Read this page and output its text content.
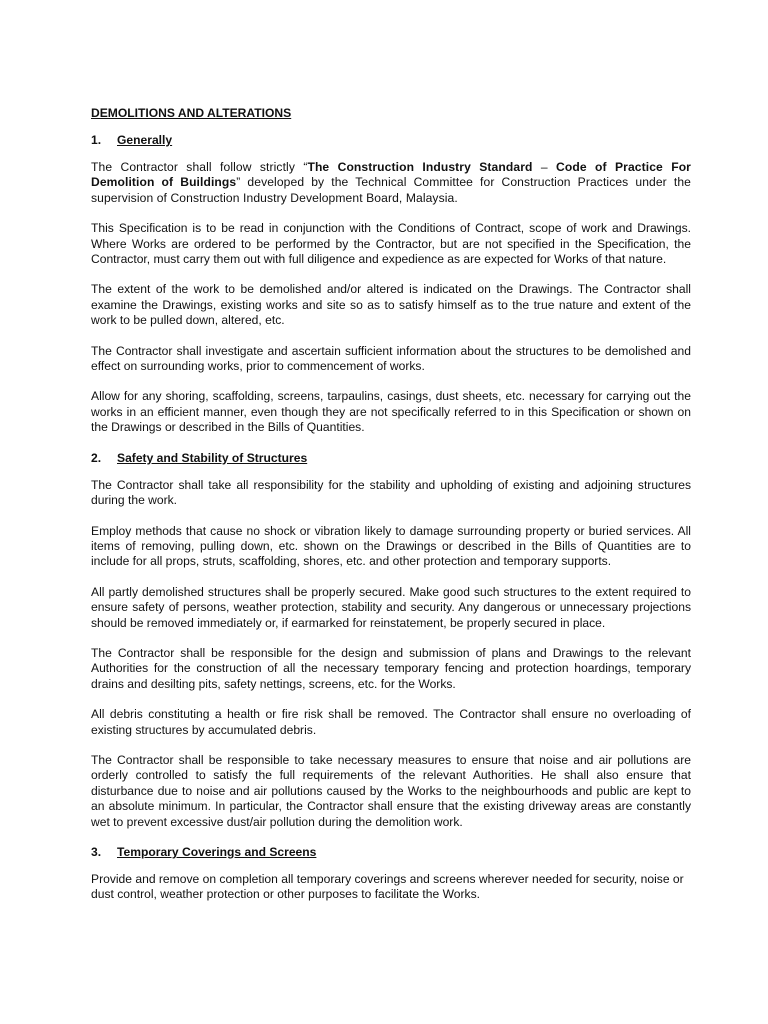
DEMOLITIONS AND ALTERATIONS
1.	Generally

The Contractor shall follow strictly “The Construction Industry Standard – Code of Practice For Demolition of Buildings” developed by the Technical Committee for Construction Practices under the supervision of Construction Industry Development Board, Malaysia.

This Specification is to be read in conjunction with the Conditions of Contract, scope of work and Drawings. Where Works are ordered to be performed by the Contractor, but are not specified in the Specification, the Contractor, must carry them out with full diligence and expedience as are expected for Works of that nature.

The extent of the work to be demolished and/or altered is indicated on the Drawings. The Contractor shall examine the Drawings, existing works and site so as to satisfy himself as to the true nature and extent of the work to be pulled down, altered, etc.

The Contractor shall investigate and ascertain sufficient information about the structures to be demolished and effect on surrounding works, prior to commencement of works.

Allow for any shoring, scaffolding, screens, tarpaulins, casings, dust sheets, etc. necessary for carrying out the works in an efficient manner, even though they are not specifically referred to in this Specification or shown on the Drawings or described in the Bills of Quantities.

2.	Safety and Stability of Structures

The Contractor shall take all responsibility for the stability and upholding of existing and adjoining structures during the work.

Employ methods that cause no shock or vibration likely to damage surrounding property or buried services. All items of removing, pulling down, etc. shown on the Drawings or described in the Bills of Quantities are to include for all props, struts, scaffolding, shores, etc. and other protection and temporary supports.

All partly demolished structures shall be properly secured. Make good such structures to the extent required to ensure safety of persons, weather protection, stability and security. Any dangerous or unnecessary projections should be removed immediately or, if earmarked for reinstatement, be properly secured in place.

The Contractor shall be responsible for the design and submission of plans and Drawings to the relevant Authorities for the construction of all the necessary temporary fencing and protection hoardings, temporary drains and desilting pits, safety nettings, screens, etc. for the Works.

All debris constituting a health or fire risk shall be removed. The Contractor shall ensure no overloading of existing structures by accumulated debris.

The Contractor shall be responsible to take necessary measures to ensure that noise and air pollutions are orderly controlled to satisfy the full requirements of the relevant Authorities. He shall also ensure that disturbance due to noise and air pollutions caused by the Works to the neighbourhoods and public are kept to an absolute minimum. In particular, the Contractor shall ensure that the existing driveway areas are constantly wet to prevent excessive dust/air pollution during the demolition work.

3.	Temporary Coverings and Screens

Provide and remove on completion all temporary coverings and screens wherever needed for security, noise or dust control, weather protection or other purposes to facilitate the Works.
